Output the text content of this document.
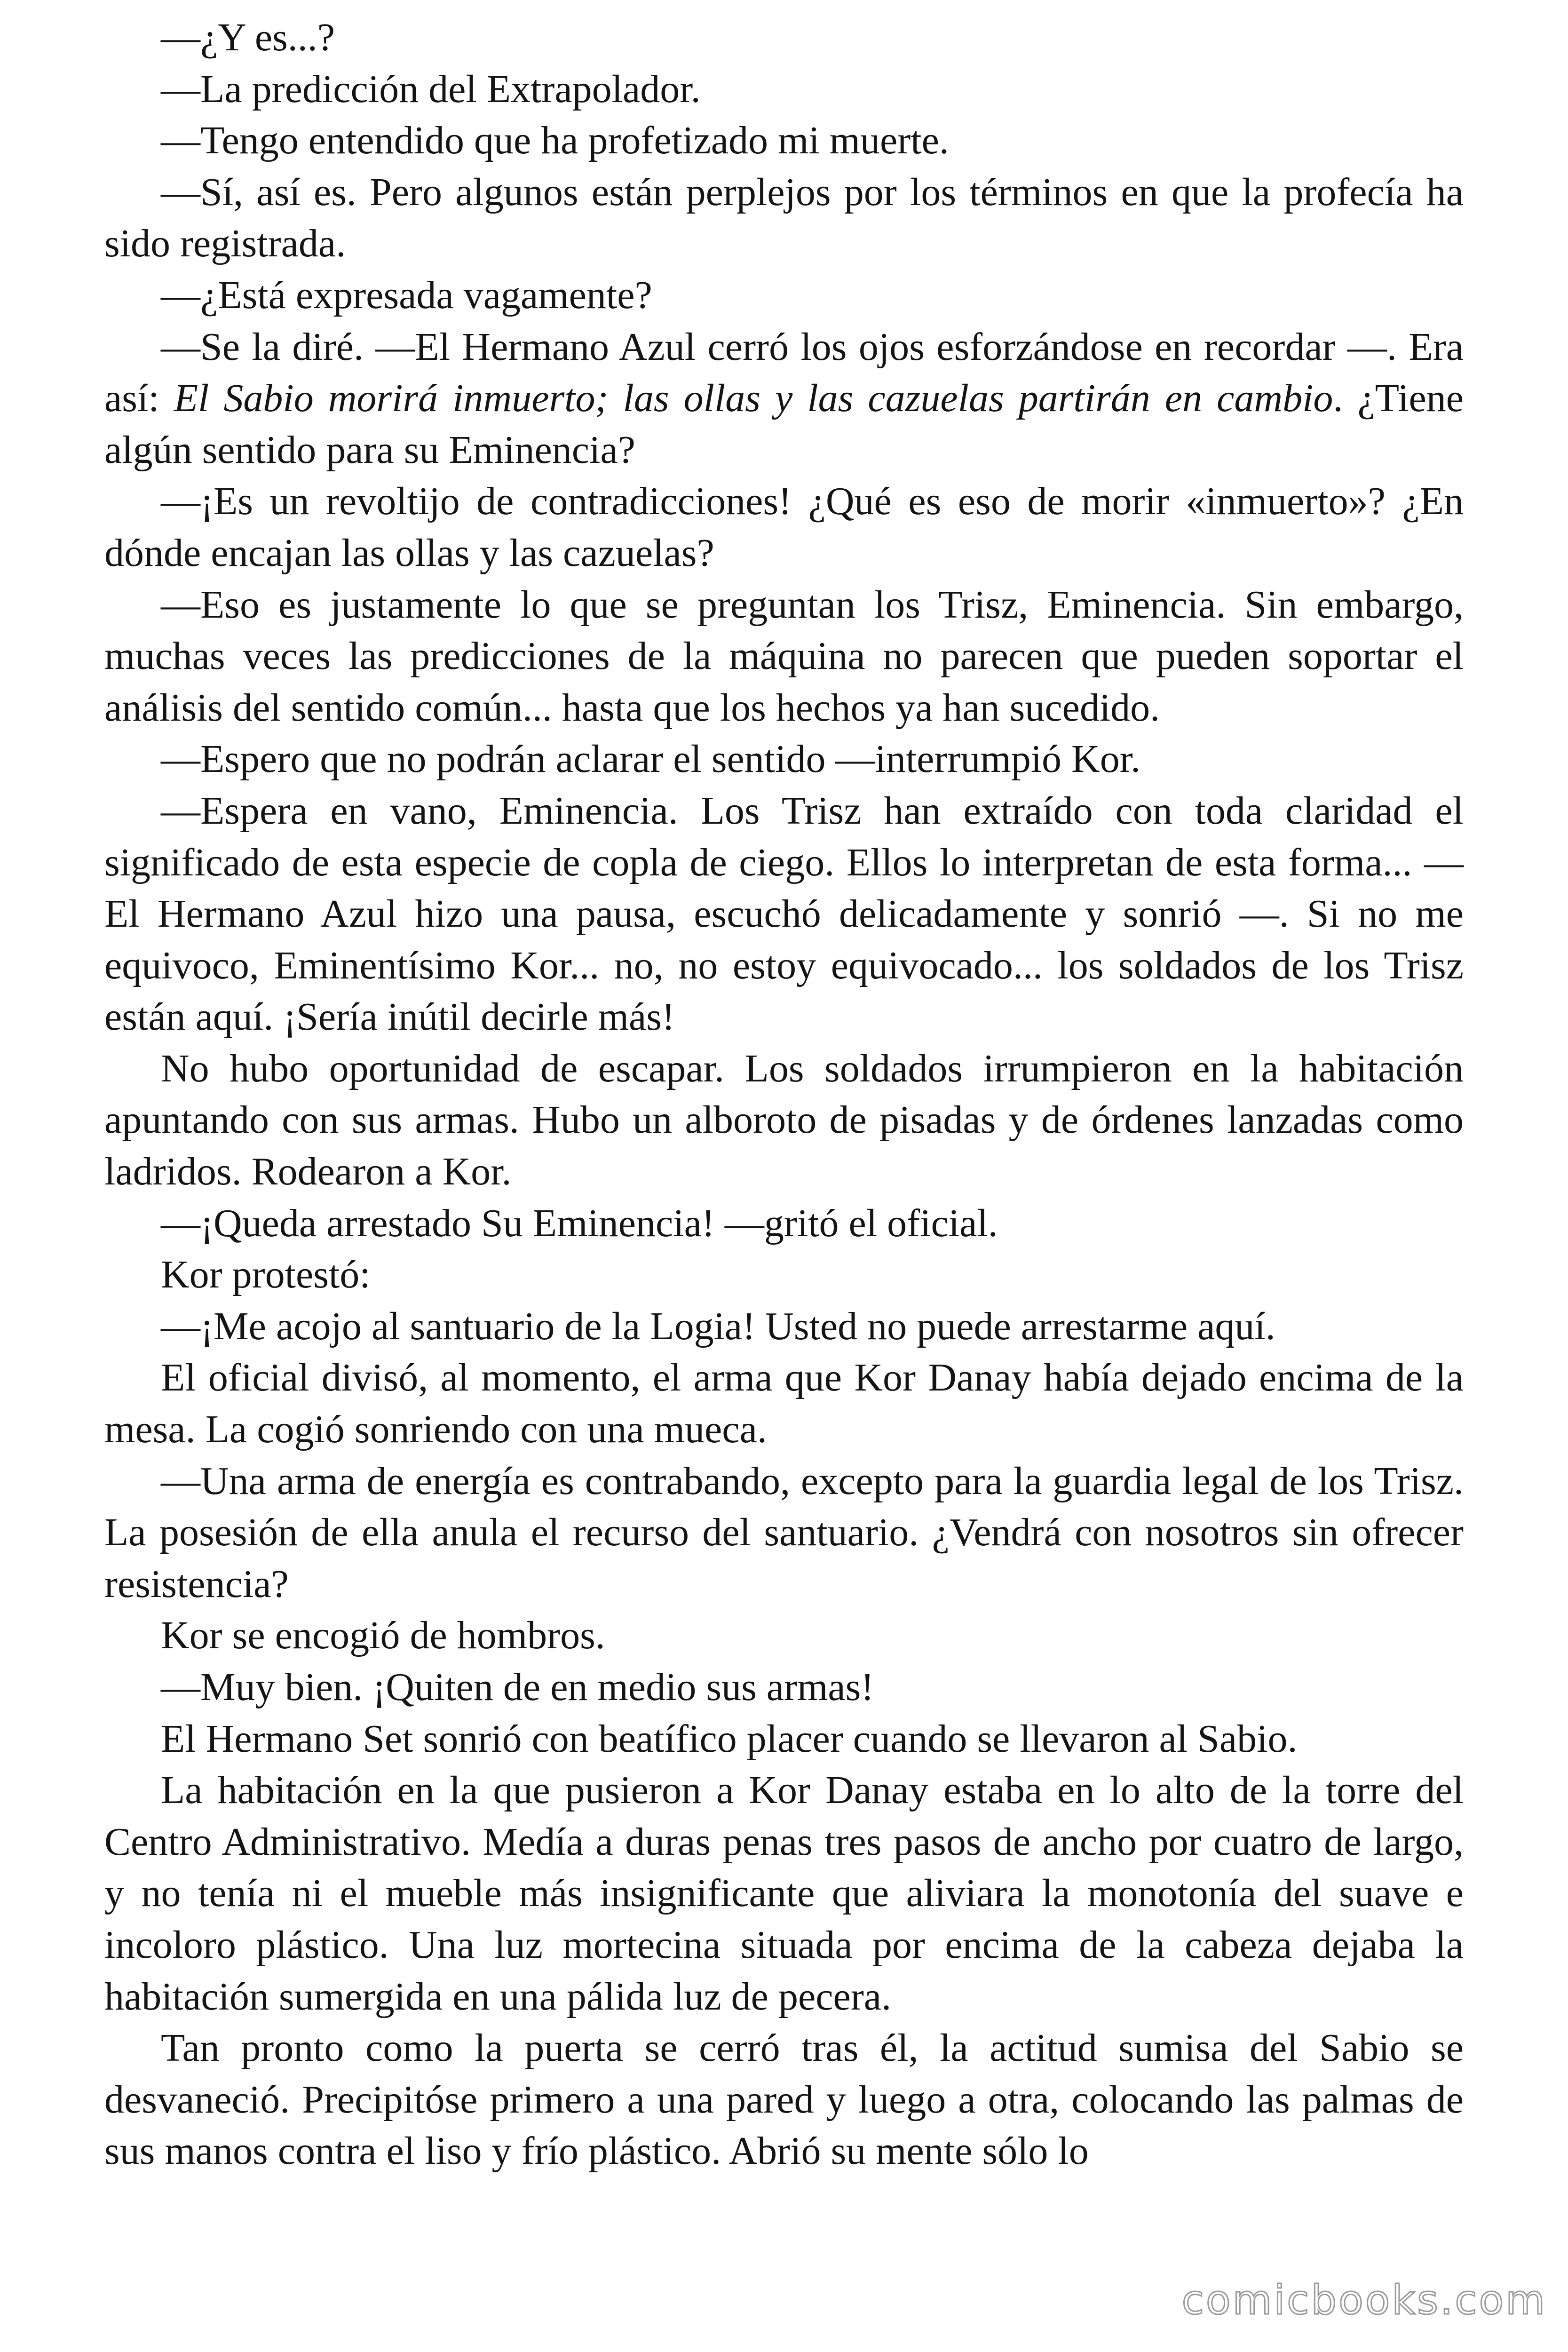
—¿Y es...?

—La predicción del Extrapolador.

—Tengo entendido que ha profetizado mi muerte.

—Sí, así es. Pero algunos están perplejos por los términos en que la profecía ha sido registrada.

—¿Está expresada vagamente?

—Se la diré. —El Hermano Azul cerró los ojos esforzándose en recordar —. Era así: El Sabio morirá inmuerto; las ollas y las cazuelas partirán en cambio. ¿Tiene algún sentido para su Eminencia?

—¡Es un revoltijo de contradicciones! ¿Qué es eso de morir «inmuerto»? ¿En dónde encajan las ollas y las cazuelas?

—Eso es justamente lo que se preguntan los Trisz, Eminencia. Sin embargo, muchas veces las predicciones de la máquina no parecen que pueden soportar el análisis del sentido común... hasta que los hechos ya han sucedido.

—Espero que no podrán aclarar el sentido —interrumpió Kor.

—Espera en vano, Eminencia. Los Trisz han extraído con toda claridad el significado de esta especie de copla de ciego. Ellos lo interpretan de esta forma... —El Hermano Azul hizo una pausa, escuchó delicadamente y sonrió —. Si no me equivoco, Eminentísimo Kor... no, no estoy equivocado... los soldados de los Trisz están aquí. ¡Sería inútil decirle más!

No hubo oportunidad de escapar. Los soldados irrumpieron en la habitación apuntando con sus armas. Hubo un alboroto de pisadas y de órdenes lanzadas como ladridos. Rodearon a Kor.

—¡Queda arrestado Su Eminencia! —gritó el oficial.

Kor protestó:

—¡Me acojo al santuario de la Logia! Usted no puede arrestarme aquí.

El oficial divisó, al momento, el arma que Kor Danay había dejado encima de la mesa. La cogió sonriendo con una mueca.

—Una arma de energía es contrabando, excepto para la guardia legal de los Trisz. La posesión de ella anula el recurso del santuario. ¿Vendrá con nosotros sin ofrecer resistencia?

Kor se encogió de hombros.

—Muy bien. ¡Quiten de en medio sus armas!

El Hermano Set sonrió con beatífico placer cuando se llevaron al Sabio.

La habitación en la que pusieron a Kor Danay estaba en lo alto de la torre del Centro Administrativo. Medía a duras penas tres pasos de ancho por cuatro de largo, y no tenía ni el mueble más insignificante que aliviara la monotonía del suave e incoloro plástico. Una luz mortecina situada por encima de la cabeza dejaba la habitación sumergida en una pálida luz de pecera.

Tan pronto como la puerta se cerró tras él, la actitud sumisa del Sabio se desvaneció. Precipitóse primero a una pared y luego a otra, colocando las palmas de sus manos contra el liso y frío plástico. Abrió su mente sólo lo

comicbooks.com
